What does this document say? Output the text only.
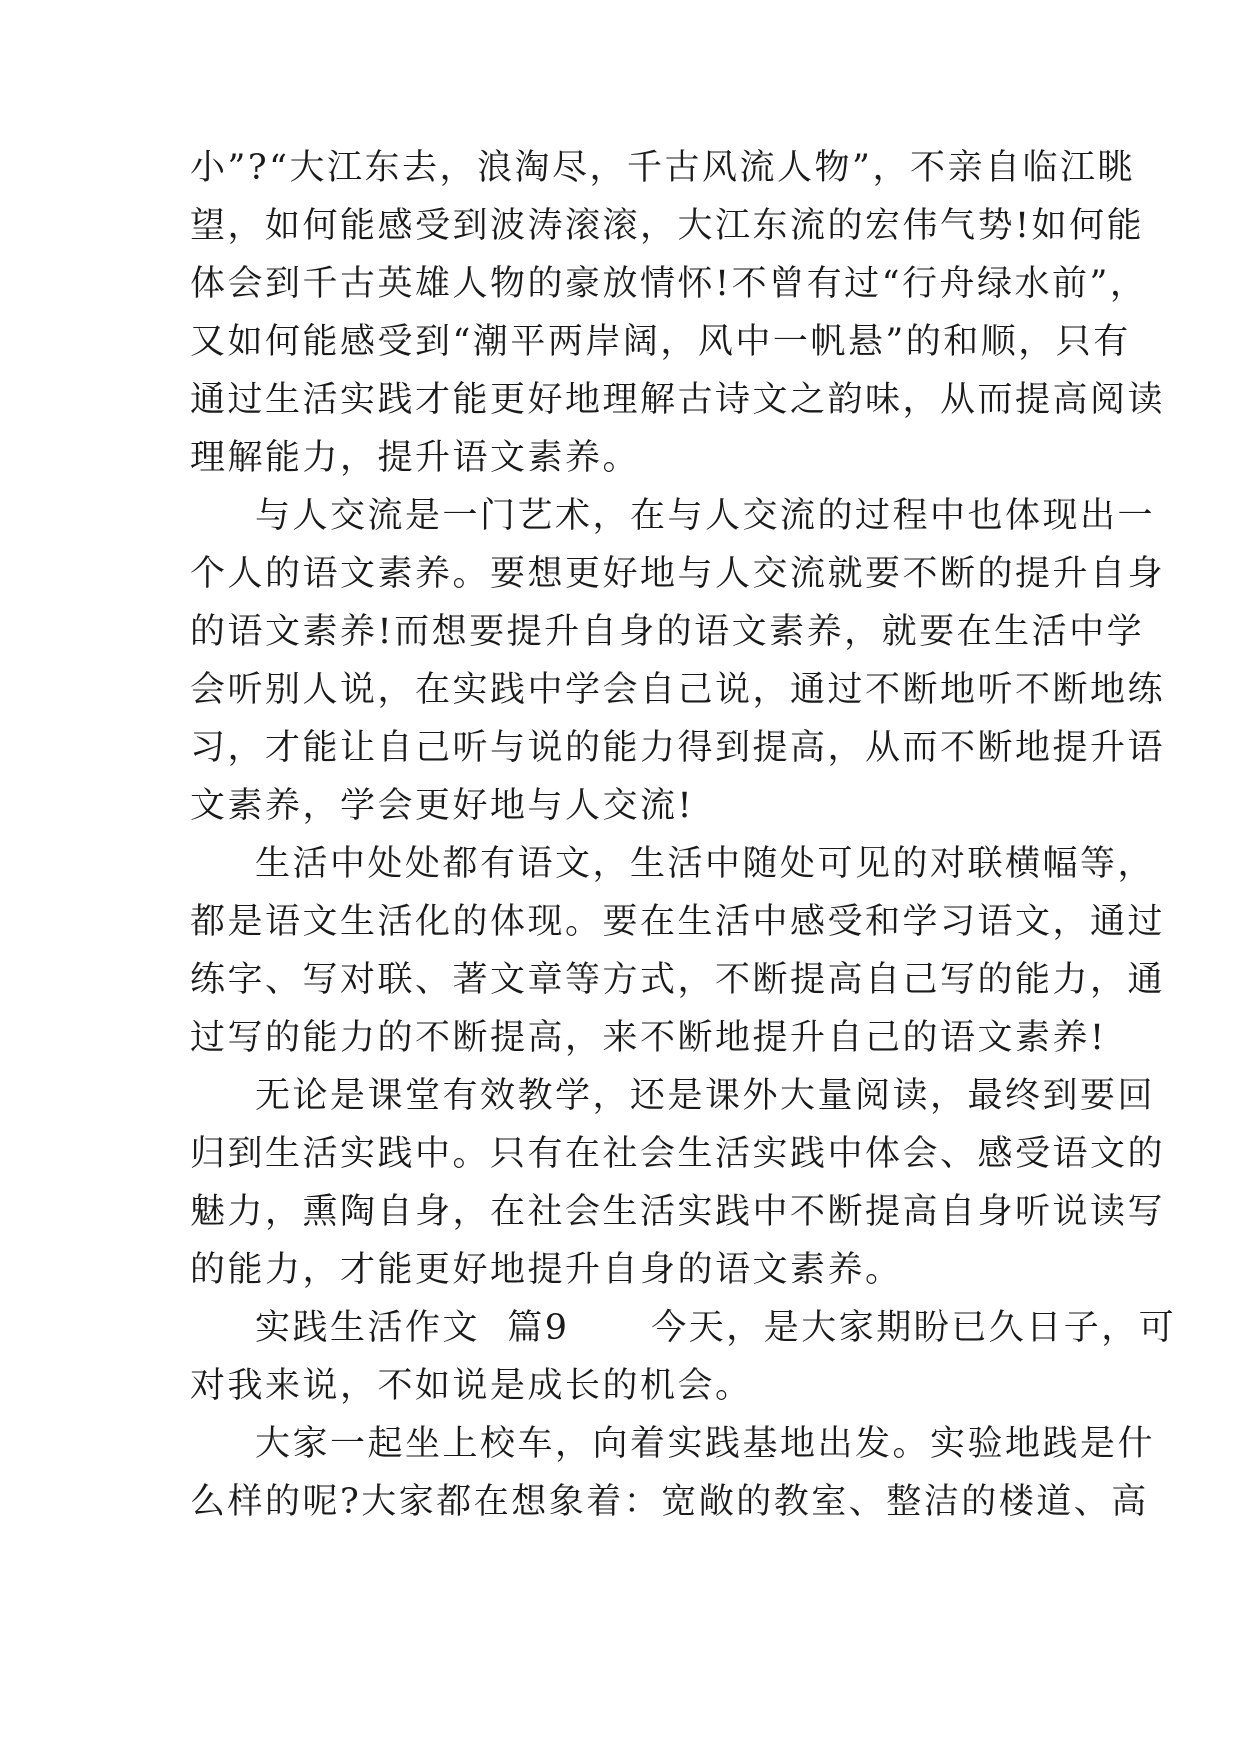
小”?“大江东去，浪淘尽，千古风流人物”，不亲自临江眺
望，如何能感受到波涛滚滚，大江东流的宏伟气势!如何能
体会到千古英雄人物的豪放情怀!不曾有过“行舟绿水前”，
又如何能感受到“潮平两岸阔，风中一帆悬”的和顺，只有
通过生活实践才能更好地理解古诗文之韵味，从而提高阅读
理解能力，提升语文素养。
与人交流是一门艺术，在与人交流的过程中也体现出一
个人的语文素养。要想更好地与人交流就要不断的提升自身
的语文素养!而想要提升自身的语文素养，就要在生活中学
会听别人说，在实践中学会自己说，通过不断地听不断地练
习，才能让自己听与说的能力得到提高，从而不断地提升语
文素养，学会更好地与人交流!
生活中处处都有语文，生活中随处可见的对联横幅等，
都是语文生活化的体现。要在生活中感受和学习语文，通过
练字、写对联、著文章等方式，不断提高自己写的能力，通
过写的能力的不断提高，来不断地提升自己的语文素养!
无论是课堂有效教学，还是课外大量阅读，最终到要回
归到生活实践中。只有在社会生活实践中体会、感受语文的
魅力，熏陶自身，在社会生活实践中不断提高自身听说读写
的能力，才能更好地提升自身的语文素养。
实践生活作文  篇9      今天，是大家期盼已久日子，可
对我来说，不如说是成长的机会。
大家一起坐上校车，向着实践基地出发。实验地践是什
么样的呢?大家都在想象着：宽敞的教室、整洁的楼道、高
